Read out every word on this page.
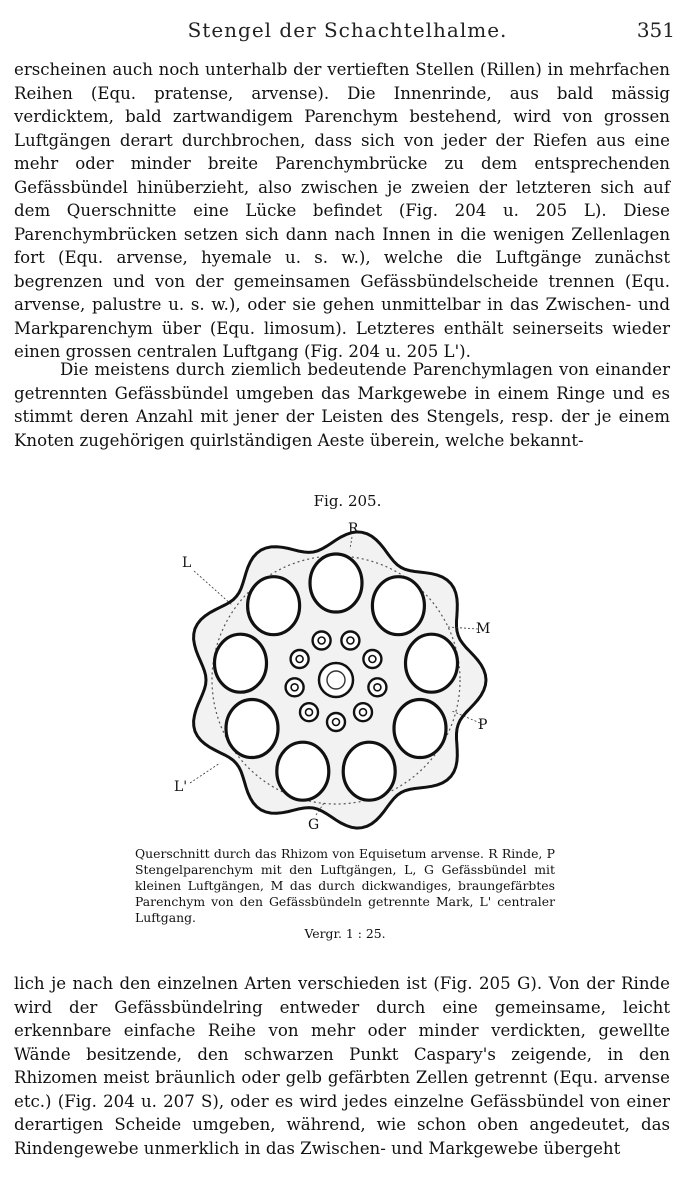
Stengel der Schachtelhalme.	351

erscheinen auch noch unterhalb der vertieften Stellen (Rillen) in mehrfachen Reihen (Equ. pratense, arvense). Die Innenrinde, aus bald mässig verdicktem, bald zartwandigem Parenchym bestehend, wird von grossen Luftgängen derart durchbrochen, dass sich von jeder der Riefen aus eine mehr oder minder breite Parenchymbrücke zu dem entsprechenden Gefässbündel hinüberzieht, also zwischen je zweien der letzteren sich auf dem Querschnitte eine Lücke befindet (Fig. 204 u. 205 L). Diese Parenchymbrücken setzen sich dann nach Innen in die wenigen Zellenlagen fort (Equ. arvense, hyemale u. s. w.), welche die Luftgänge zunächst begrenzen und von der gemeinsamen Gefässbündelscheide trennen (Equ. arvense, palustre u. s. w.), oder sie gehen unmittelbar in das Zwischen- und Markparenchym über (Equ. limosum). Letzteres enthält seinerseits wieder einen grossen centralen Luftgang (Fig. 204 u. 205 L').

Die meistens durch ziemlich bedeutende Parenchymlagen von einander getrennten Gefässbündel umgeben das Markgewebe in einem Ringe und es stimmt deren Anzahl mit jener der Leisten des Stengels, resp. der je einem Knoten zugehörigen quirlständigen Aeste überein, welche bekannt-

Fig. 205.
R
L
M
P
L'
G

Querschnitt durch das Rhizom von Equisetum arvense. R Rinde, P Stengelparenchym mit den Luftgängen, L, G Gefässbündel mit kleinen Luftgängen, M das durch dickwandiges, braungefärbtes Parenchym von den Gefässbündeln getrennte Mark, L' centraler Luftgang.
Vergr. 1 : 25.

lich je nach den einzelnen Arten verschieden ist (Fig. 205 G). Von der Rinde wird der Gefässbündelring entweder durch eine gemeinsame, leicht erkennbare einfache Reihe von mehr oder minder verdickten, gewellte Wände besitzende, den schwarzen Punkt Caspary's zeigende, in den Rhizomen meist bräunlich oder gelb gefärbten Zellen getrennt (Equ. arvense etc.) (Fig. 204 u. 207 S), oder es wird jedes einzelne Gefässbündel von einer derartigen Scheide umgeben, während, wie schon oben angedeutet, das Rindengewebe unmerklich in das Zwischen- und Markgewebe übergeht
